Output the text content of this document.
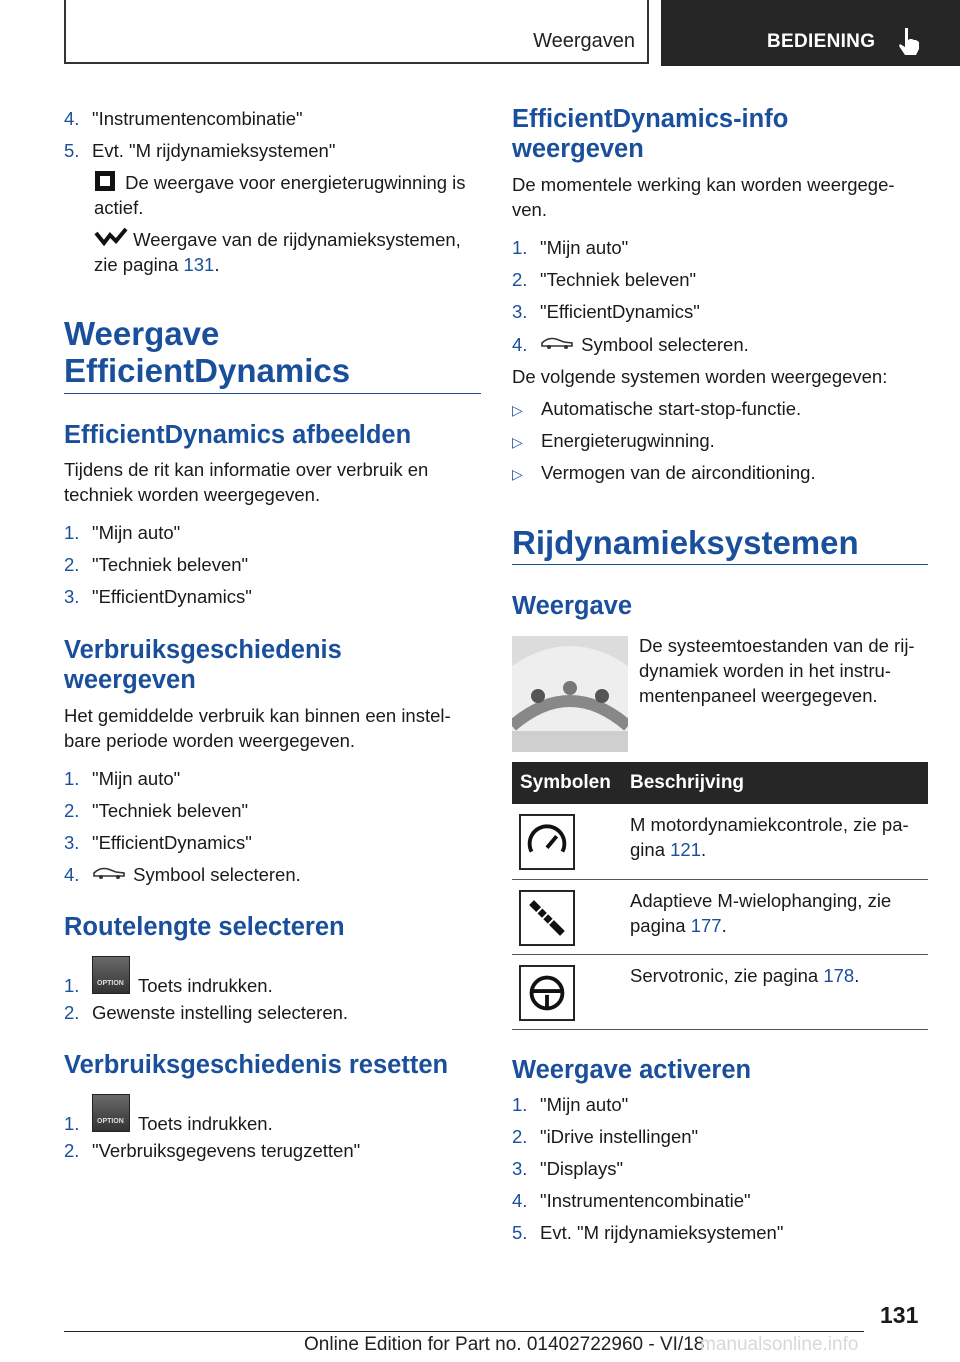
Weergaven	BEDIENING
4. "Instrumentencombinatie"
5. Evt. "M rijdynamieksystemen"
De weergave voor energieterugwinning is
actief.
Weergave van de rijdynamieksystemen,
zie pagina 131.
Weergave
EfficientDynamics
EfficientDynamics afbeelden
Tijdens de rit kan informatie over verbruik en
techniek worden weergegeven.
1. "Mijn auto"
2. "Techniek beleven"
3. "EfficientDynamics"
Verbruiksgeschiedenis
weergeven
Het gemiddelde verbruik kan binnen een instel-
bare periode worden weergegeven.
1. "Mijn auto"
2. "Techniek beleven"
3. "EfficientDynamics"
4.	Symbool selecteren.
Routelengte selecteren
1. OPTION	Toets indrukken.
2. Gewenste instelling selecteren.
Verbruiksgeschiedenis resetten
1. OPTION	Toets indrukken.
2. "Verbruiksgegevens terugzetten"
EfficientDynamics-info
weergeven
De momentele werking kan worden weergege-
ven.
1. "Mijn auto"
2. "Techniek beleven"
3. "EfficientDynamics"
4.	Symbool selecteren.
De volgende systemen worden weergegeven:
▷ Automatische start-stop-functie.
▷ Energieterugwinning.
▷ Vermogen van de airconditioning.
Rijdynamieksystemen
Weergave
De systeemtoestanden van de rij-
dynamiek worden in het instru-
mentenpaneel weergegeven.
Symbolen	Beschrijving

M motordynamiekcontrole, zie pa-
gina 121.

Adaptieve M-wielophanging, zie
pagina 177.

Servotronic, zie pagina 178.
Weergave activeren
1. "Mijn auto"
2. "iDrive instellingen"
3. "Displays"
4. "Instrumentencombinatie"
5. Evt. "M rijdynamieksystemen"
131
Online Edition for Part no. 01402722960 - VI/18
manualsonline.info
